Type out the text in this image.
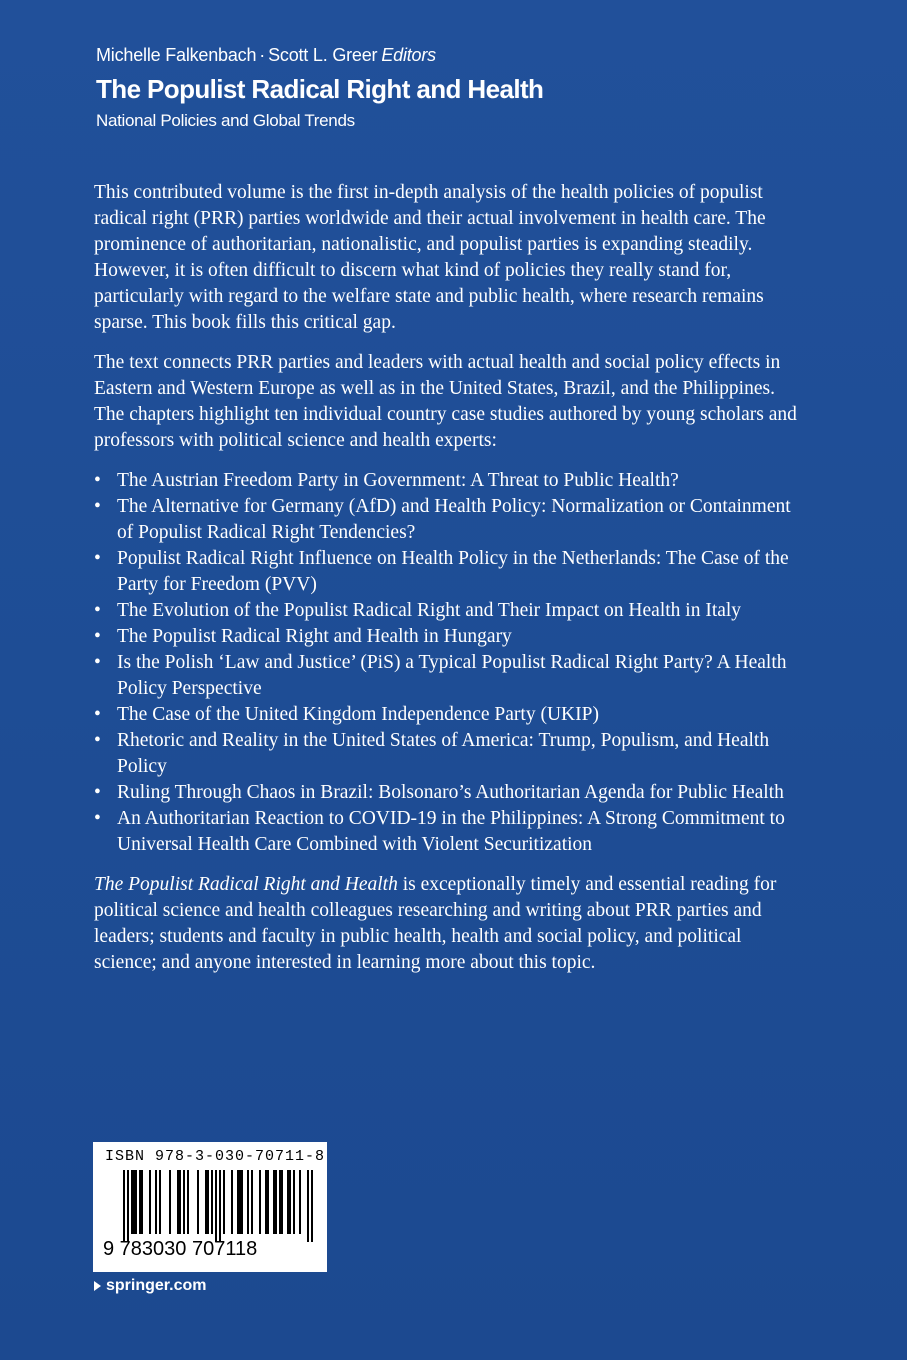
Michelle Falkenbach · Scott L. Greer Editors
The Populist Radical Right and Health
National Policies and Global Trends

This contributed volume is the first in-depth analysis of the health policies of populist radical right (PRR) parties worldwide and their actual involvement in health care. The prominence of authoritarian, nationalistic, and populist parties is expanding steadily. However, it is often difficult to discern what kind of policies they really stand for, particularly with regard to the welfare state and public health, where research remains sparse. This book fills this critical gap.

The text connects PRR parties and leaders with actual health and social policy effects in Eastern and Western Europe as well as in the United States, Brazil, and the Philippines. The chapters highlight ten individual country case studies authored by young scholars and professors with political science and health experts:

• The Austrian Freedom Party in Government: A Threat to Public Health?
• The Alternative for Germany (AfD) and Health Policy: Normalization or Containment of Populist Radical Right Tendencies?
• Populist Radical Right Influence on Health Policy in the Netherlands: The Case of the Party for Freedom (PVV)
• The Evolution of the Populist Radical Right and Their Impact on Health in Italy
• The Populist Radical Right and Health in Hungary
• Is the Polish ‘Law and Justice’ (PiS) a Typical Populist Radical Right Party? A Health Policy Perspective
• The Case of the United Kingdom Independence Party (UKIP)
• Rhetoric and Reality in the United States of America: Trump, Populism, and Health Policy
• Ruling Through Chaos in Brazil: Bolsonaro’s Authoritarian Agenda for Public Health
• An Authoritarian Reaction to COVID-19 in the Philippines: A Strong Commitment to Universal Health Care Combined with Violent Securitization

The Populist Radical Right and Health is exceptionally timely and essential reading for political science and health colleagues researching and writing about PRR parties and leaders; students and faculty in public health, health and social policy, and political science; and anyone interested in learning more about this topic.

ISBN 978-3-030-70711-8
9 783030 707118
springer.com
